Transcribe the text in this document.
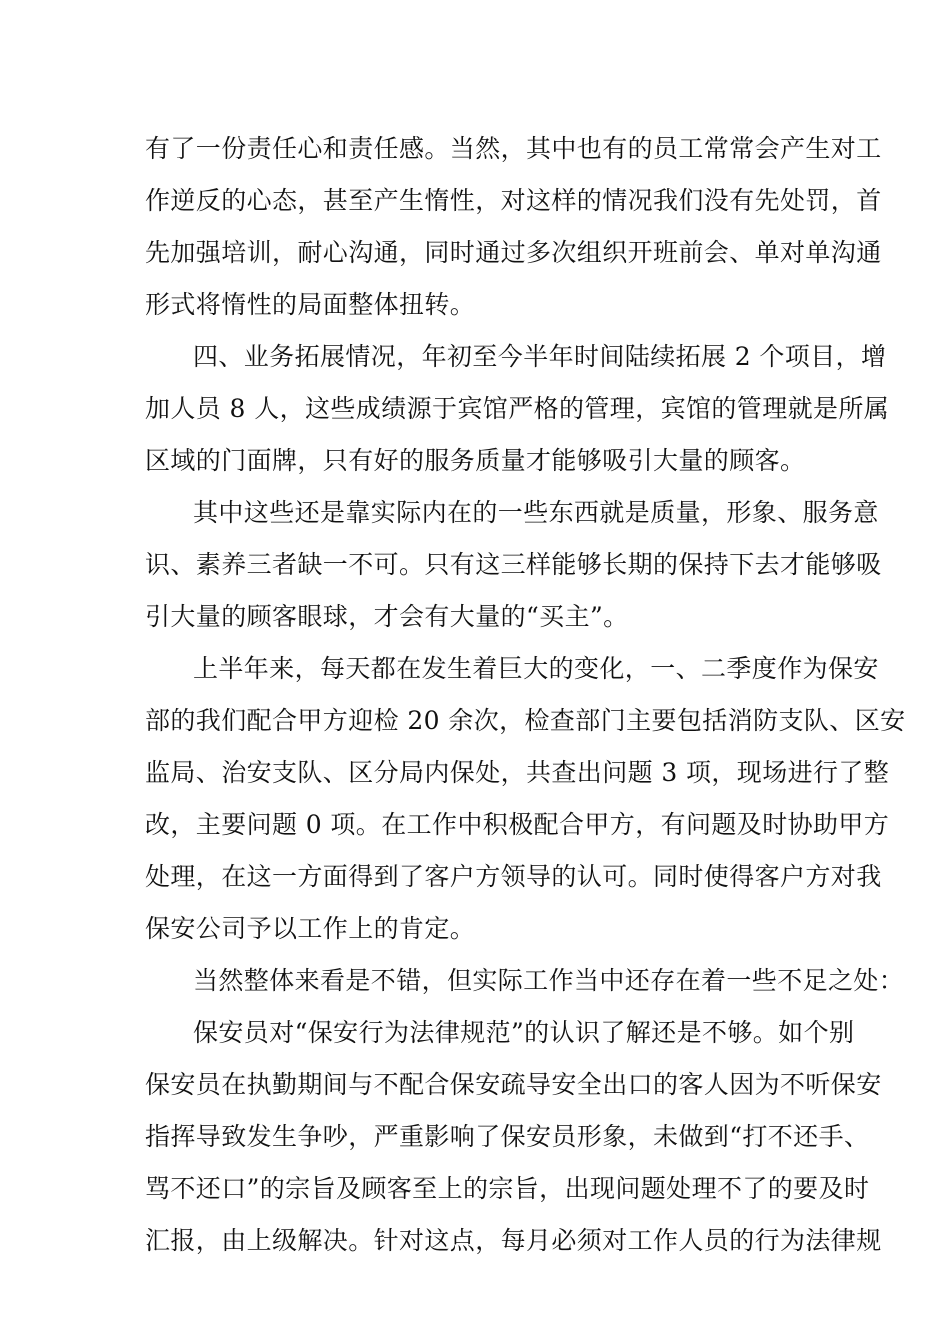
有了一份责任心和责任感。当然，其中也有的员工常常会产生对工
作逆反的心态，甚至产生惰性，对这样的情况我们没有先处罚，首
先加强培训，耐心沟通，同时通过多次组织开班前会、单对单沟通
形式将惰性的局面整体扭转。
四、业务拓展情况，年初至今半年时间陆续拓展 2 个项目，增
加人员 8 人，这些成绩源于宾馆严格的管理，宾馆的管理就是所属
区域的门面牌，只有好的服务质量才能够吸引大量的顾客。
其中这些还是靠实际内在的一些东西就是质量，形象、服务意
识、素养三者缺一不可。只有这三样能够长期的保持下去才能够吸
引大量的顾客眼球，才会有大量的“买主”。
上半年来，每天都在发生着巨大的变化，一、二季度作为保安
部的我们配合甲方迎检 20 余次，检查部门主要包括消防支队、区安
监局、治安支队、区分局内保处，共查出问题 3 项，现场进行了整
改，主要问题 0 项。在工作中积极配合甲方，有问题及时协助甲方
处理，在这一方面得到了客户方领导的认可。同时使得客户方对我
保安公司予以工作上的肯定。
当然整体来看是不错，但实际工作当中还存在着一些不足之处：
保安员对“保安行为法律规范”的认识了解还是不够。如个别
保安员在执勤期间与不配合保安疏导安全出口的客人因为不听保安
指挥导致发生争吵，严重影响了保安员形象，未做到“打不还手、
骂不还口”的宗旨及顾客至上的宗旨，出现问题处理不了的要及时
汇报，由上级解决。针对这点，每月必须对工作人员的行为法律规
